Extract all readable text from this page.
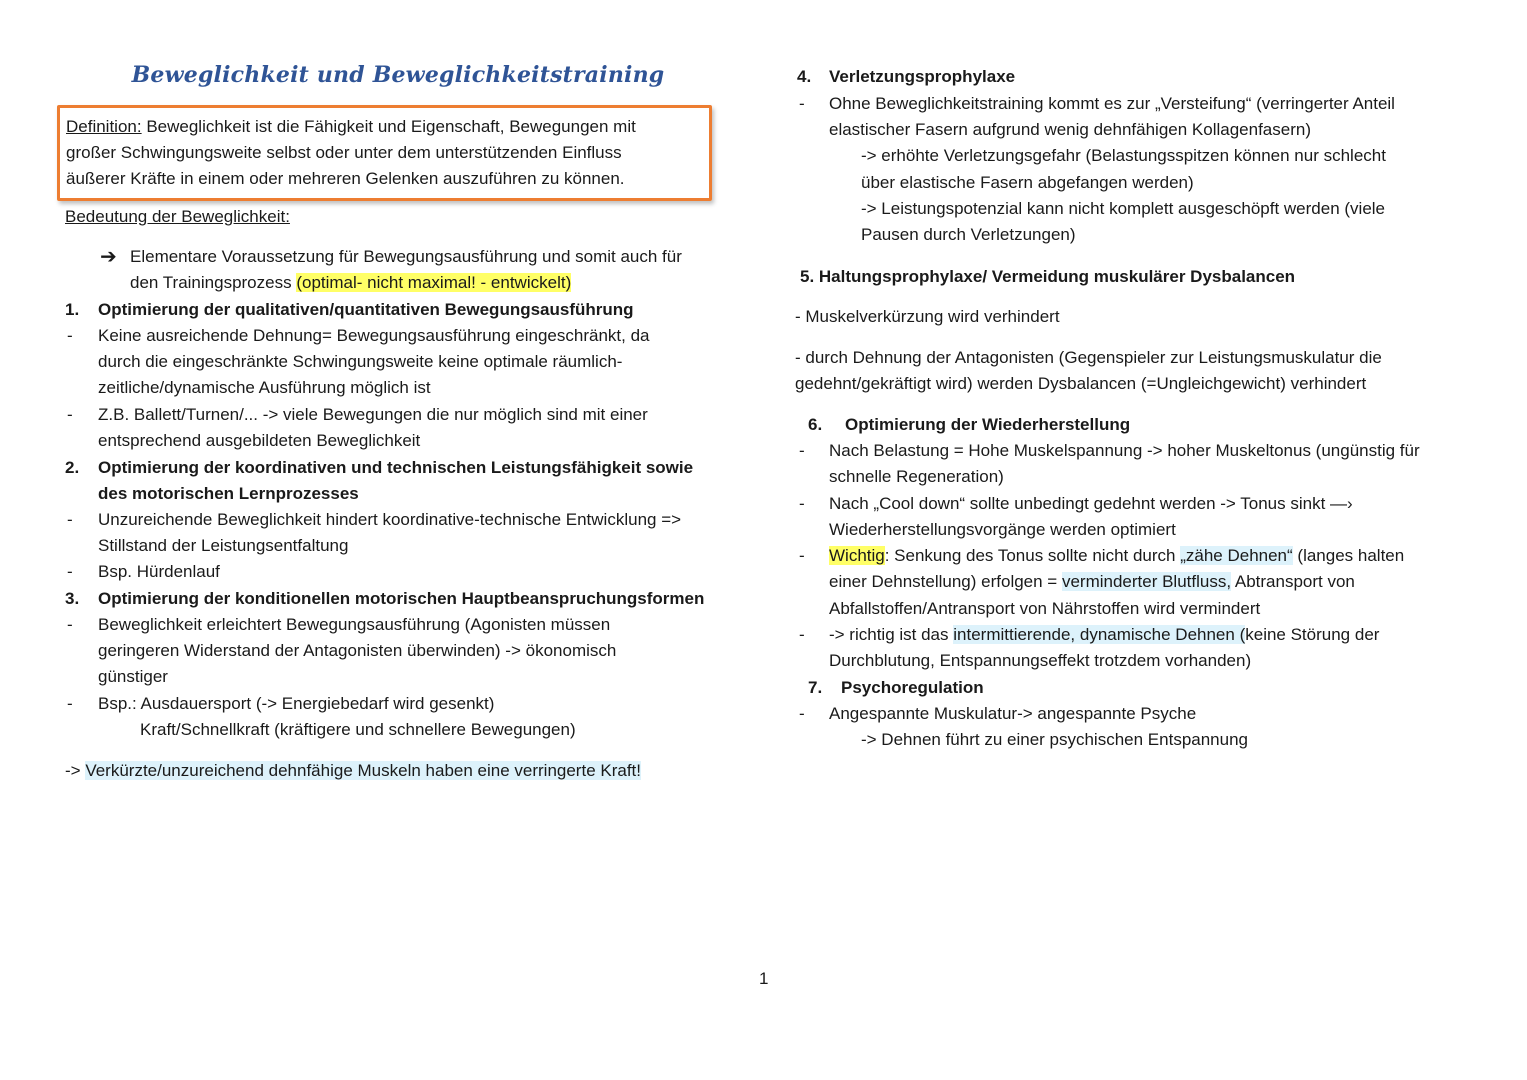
Beweglichkeit und Beweglichkeitstraining
Definition: Beweglichkeit ist die Fähigkeit und Eigenschaft, Bewegungen mit
großer Schwingungsweite selbst oder unter dem unterstützenden Einfluss
äußerer Kräfte in einem oder mehreren Gelenken auszuführen zu können.
Bedeutung der Beweglichkeit:
➔ Elementare Voraussetzung für Bewegungsausführung und somit auch für
den Trainingsprozess (optimal- nicht maximal! - entwickelt)
1. Optimierung der qualitativen/quantitativen Bewegungsausführung
- Keine ausreichende Dehnung= Bewegungsausführung eingeschränkt, da
durch die eingeschränkte Schwingungsweite keine optimale räumlich-
zeitliche/dynamische Ausführung möglich ist
- Z.B. Ballett/Turnen/... -> viele Bewegungen die nur möglich sind mit einer
entsprechend ausgebildeten Beweglichkeit
2. Optimierung der koordinativen und technischen Leistungsfähigkeit sowie
des motorischen Lernprozesses
- Unzureichende Beweglichkeit hindert koordinative-technische Entwicklung =>
Stillstand der Leistungsentfaltung
- Bsp. Hürdenlauf
3. Optimierung der konditionellen motorischen Hauptbeanspruchungsformen
- Beweglichkeit erleichtert Bewegungsausführung (Agonisten müssen
geringeren Widerstand der Antagonisten überwinden) -> ökonomisch
günstiger
- Bsp.: Ausdauersport (-> Energiebedarf wird gesenkt)
Kraft/Schnellkraft (kräftigere und schnellere Bewegungen)
-> Verkürzte/unzureichend dehnfähige Muskeln haben eine verringerte Kraft!
4. Verletzungsprophylaxe
- Ohne Beweglichkeitstraining kommt es zur „Versteifung“ (verringerter Anteil
elastischer Fasern aufgrund wenig dehnfähigen Kollagenfasern)
-> erhöhte Verletzungsgefahr (Belastungsspitzen können nur schlecht
über elastische Fasern abgefangen werden)
-> Leistungspotenzial kann nicht komplett ausgeschöpft werden (viele
Pausen durch Verletzungen)
5. Haltungsprophylaxe/ Vermeidung muskulärer Dysbalancen
- Muskelverkürzung wird verhindert
- durch Dehnung der Antagonisten (Gegenspieler zur Leistungsmuskulatur die
gedehnt/gekräftigt wird) werden Dysbalancen (=Ungleichgewicht) verhindert
6. Optimierung der Wiederherstellung
- Nach Belastung = Hohe Muskelspannung -> hoher Muskeltonus (ungünstig für
schnelle Regeneration)
- Nach „Cool down“ sollte unbedingt gedehnt werden -> Tonus sinkt —›
Wiederherstellungsvorgänge werden optimiert
- Wichtig: Senkung des Tonus sollte nicht durch „zähe Dehnen“ (langes halten
einer Dehnstellung) erfolgen = verminderter Blutfluss, Abtransport von
Abfallstoffen/Antransport von Nährstoffen wird vermindert
- -> richtig ist das intermittierende, dynamische Dehnen (keine Störung der
Durchblutung, Entspannungseffekt trotzdem vorhanden)
7. Psychoregulation
- Angespannte Muskulatur-> angespannte Psyche
-> Dehnen führt zu einer psychischen Entspannung
1
